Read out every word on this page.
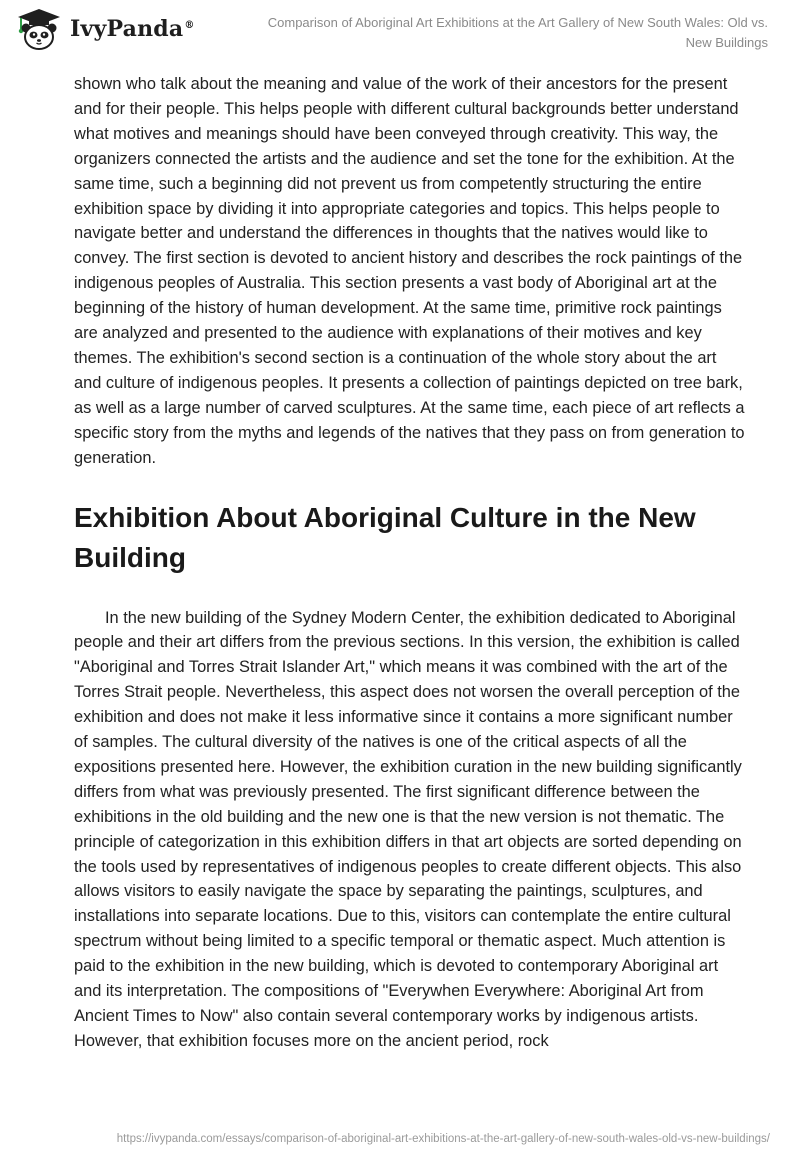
IvyPanda®	Comparison of Aboriginal Art Exhibitions at the Art Gallery of New South Wales: Old vs. New Buildings

shown who talk about the meaning and value of the work of their ancestors for the present and for their people. This helps people with different cultural backgrounds better understand what motives and meanings should have been conveyed through creativity. This way, the organizers connected the artists and the audience and set the tone for the exhibition. At the same time, such a beginning did not prevent us from competently structuring the entire exhibition space by dividing it into appropriate categories and topics. This helps people to navigate better and understand the differences in thoughts that the natives would like to convey. The first section is devoted to ancient history and describes the rock paintings of the indigenous peoples of Australia. This section presents a vast body of Aboriginal art at the beginning of the history of human development. At the same time, primitive rock paintings are analyzed and presented to the audience with explanations of their motives and key themes. The exhibition's second section is a continuation of the whole story about the art and culture of indigenous peoples. It presents a collection of paintings depicted on tree bark, as well as a large number of carved sculptures. At the same time, each piece of art reflects a specific story from the myths and legends of the natives that they pass on from generation to generation.

Exhibition About Aboriginal Culture in the New Building

In the new building of the Sydney Modern Center, the exhibition dedicated to Aboriginal people and their art differs from the previous sections. In this version, the exhibition is called "Aboriginal and Torres Strait Islander Art," which means it was combined with the art of the Torres Strait people. Nevertheless, this aspect does not worsen the overall perception of the exhibition and does not make it less informative since it contains a more significant number of samples. The cultural diversity of the natives is one of the critical aspects of all the expositions presented here. However, the exhibition curation in the new building significantly differs from what was previously presented. The first significant difference between the exhibitions in the old building and the new one is that the new version is not thematic. The principle of categorization in this exhibition differs in that art objects are sorted depending on the tools used by representatives of indigenous peoples to create different objects. This also allows visitors to easily navigate the space by separating the paintings, sculptures, and installations into separate locations. Due to this, visitors can contemplate the entire cultural spectrum without being limited to a specific temporal or thematic aspect. Much attention is paid to the exhibition in the new building, which is devoted to contemporary Aboriginal art and its interpretation. The compositions of "Everywhen Everywhere: Aboriginal Art from Ancient Times to Now" also contain several contemporary works by indigenous artists. However, that exhibition focuses more on the ancient period, rock

https://ivypanda.com/essays/comparison-of-aboriginal-art-exhibitions-at-the-art-gallery-of-new-south-wales-old-vs-new-buildings/
